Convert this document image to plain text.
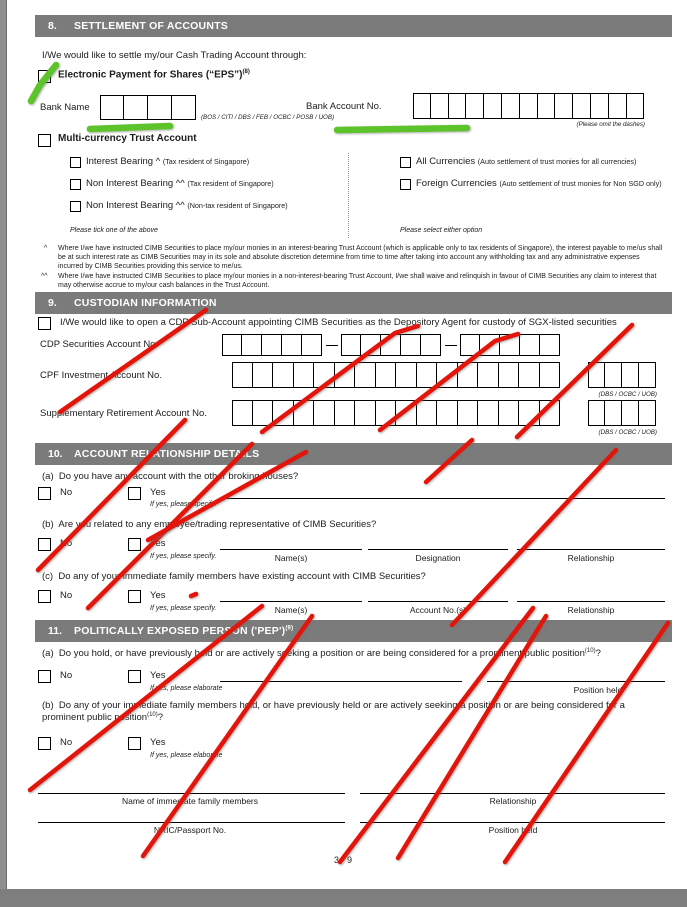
8.	SETTLEMENT OF ACCOUNTS
I/We would like to settle my/our Cash Trading Account through:
Electronic Payment for Shares (“EPS”)$^{(8)}$
Bank Name
(BOS / CITI / DBS / FEB / OCBC / POSB / UOB)
Bank Account No.
(Please omit the dashes)
Multi-currency Trust Account
Interest Bearing ^ (Tax resident of Singapore)
Non Interest Bearing ^^ (Tax resident of Singapore)
Non Interest Bearing ^^ (Non-tax resident of Singapore)
Please tick one of the above
All Currencies (Auto settlement of trust monies for all currencies)
Foreign Currencies (Auto settlement of trust monies for Non SGD only)
Please select either option
^ Where I/we have instructed CIMB Securities to place my/our monies in an interest-bearing Trust Account (which is applicable only to tax residents of Singapore), the interest payable to me/us shall be at such interest rate as CIMB Securities may in its sole and absolute discretion determine from time to time after taking into account any withholding tax and any administrative expenses incurred by CIMB Securities providing this service to me/us.
^^ Where I/we have instructed CIMB Securities to place my/our monies in a non-interest-bearing Trust Account, I/we shall waive and relinquish in favour of CIMB Securities any claim to interest that may otherwise accrue to my/our cash balances in the Trust Account.
9.	CUSTODIAN INFORMATION
I/We would like to open a CDP Sub-Account appointing CIMB Securities as the Depository Agent for custody of SGX-listed securities
CDP Securities Account No.
CPF Investment Account No.
(DBS / OCBC / UOB)
Supplementary Retirement Account No.
(DBS / OCBC / UOB)
10.	ACCOUNT RELATIONSHIP DETAILS
(a) Do you have any account with the other broking houses?
No	Yes
If yes, please specify.
(b) Are you related to any employee/trading representative of CIMB Securities?
No	Yes
If yes, please specify.	Name(s)	Designation	Relationship
(c) Do any of your immediate family members have existing account with CIMB Securities?
No	Yes
If yes, please specify.	Name(s)	Account No.(s)	Relationship
11.	POLITICALLY EXPOSED PERSON $('PEP')^{(9)}$
(a) Do you hold, or have previously held or are actively seeking a position or are being considered for a prominent public position$^{(10)}$?
No	Yes
If yes, please elaborate	Position held
(b) Do any of your immediate family members hold, or have previously held or are actively seeking a position or are being considered for a prominent public position$^{(10)}$?
No	Yes
If yes, please elaborate
Name of immediate family members	Relationship
NRIC/Passport No.	Position held
3 - 9
